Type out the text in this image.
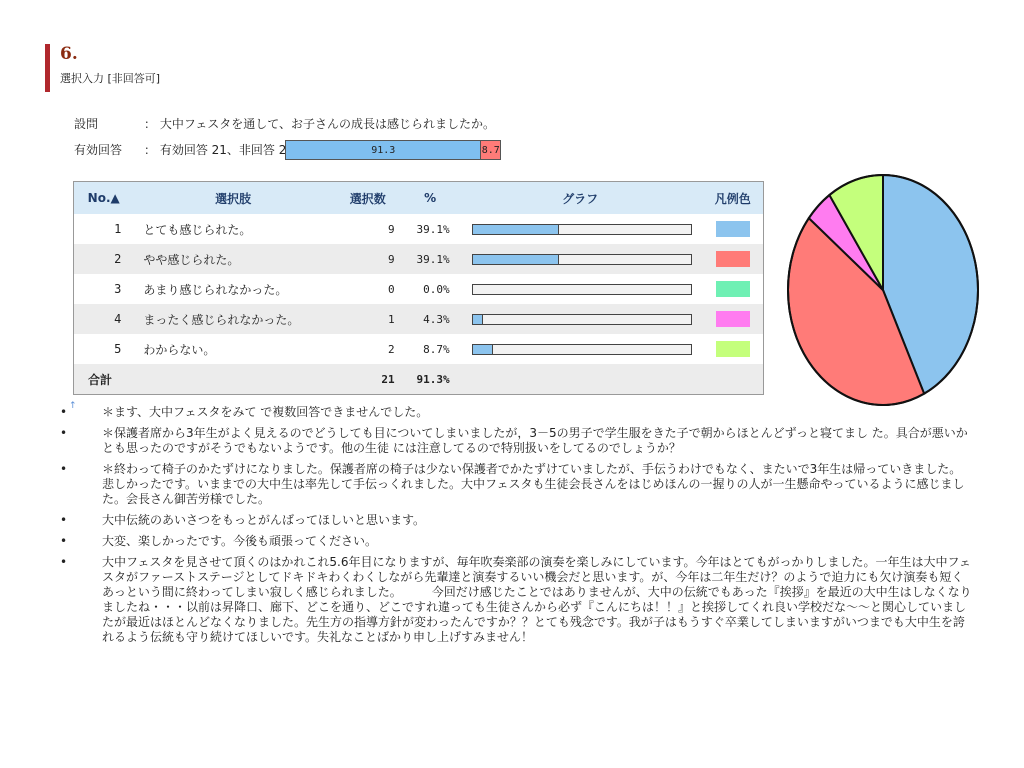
6.
選択入力 [非回答可]
設問	： 大中フェスタを通して、お子さんの成長は感じられましたか。
有効回答 ： 有効回答 21、非回答 2	91.3	8.7
No.▲	選択肢	選択数	%	グラフ	凡例色
1	とても感じられた。	9	39.1%	

2	やや感じられた。	9	39.1%	

3	あまり感じられなかった。	0	0.0%	

4	まったく感じられなかった。	1	4.3%	

5	わからない。	2	8.7%	

合計		21	91.3%		
↑
•	＊ます、大中フェスタをみて で複数回答できませんでした。
•	＊保護者席から3年生がよく見えるのでどうしても目についてしまいましたが，3－5の男子で学生服をきた子で朝からほとんどずっと寝てまし た。具合が悪いかとも思ったのですがそうでもないようです。他の生徒 には注意してるので特別扱いをしてるのでしょうか？
•	＊終わって椅子のかたずけになりました。保護者席の椅子は少ない保護者でかたずけていましたが、手伝うわけでもなく、またいで3年生は帰っていきました。悲しかったです。いままでの大中生は率先して手伝っくれました。大中フェスタも生徒会長さんをはじめほんの一握りの人が一生懸命やっているように感じました。会長さん御苦労様でした。
•	大中伝統のあいさつをもっとがんばってほしいと思います。
•	大変、楽しかったです。今後も頑張ってください。
•	大中フェスタを見させて頂くのはかれこれ5.6年目になりますが、毎年吹奏楽部の演奏を楽しみにしています。今年はとてもがっかりしました。一年生は大中フェスタがファーストステージとしてドキドキわくわくしながら先輩達と演奏するいい機会だと思います。が、今年は二年生だけ？のようで迫力にも欠け演奏も短くあっという間に終わってしまい寂しく感じられました。　　　今回だけ感じたことではありませんが、大中の伝統でもあった『挨拶』を最近の大中生はしなくなりましたね・・・以前は昇降口、廊下、どこを通り、どこですれ違っても生徒さんから必ず『こんにちは！！』と挨拶してくれ良い学校だな～～と関心していましたが最近はほとんどなくなりました。先生方の指導方針が変わったんですか？？とても残念です。我が子はもうすぐ卒業してしまいますがいつまでも大中生を誇れるよう伝統も守り続けてほしいです。失礼なことばかり申し上げすみません！
